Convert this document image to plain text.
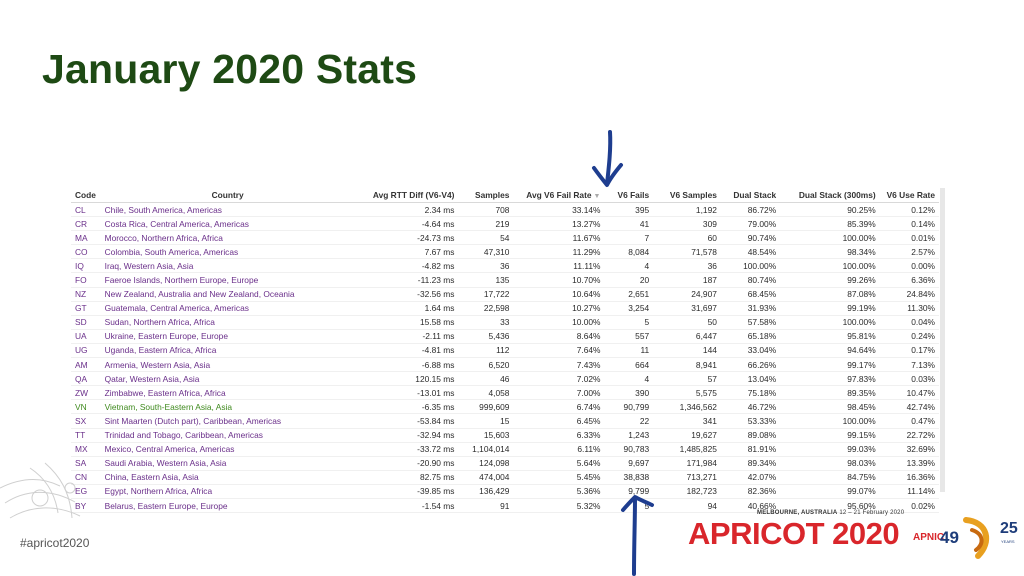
January 2020 Stats
Code	Country	Avg RTT Diff (V6-V4)	Samples	Avg V6 Fail Rate ▼	V6 Fails	V6 Samples	Dual Stack	Dual Stack (300ms)	V6 Use Rate
CL	Chile, South America, Americas	2.34 ms	708	33.14%	395	1,192	86.72%	90.25%	0.12%
CR	Costa Rica, Central America, Americas	-4.64 ms	219	13.27%	41	309	79.00%	85.39%	0.14%
MA	Morocco, Northern Africa, Africa	-24.73 ms	54	11.67%	7	60	90.74%	100.00%	0.01%
CO	Colombia, South America, Americas	7.67 ms	47,310	11.29%	8,084	71,578	48.54%	98.34%	2.57%
IQ	Iraq, Western Asia, Asia	-4.82 ms	36	11.11%	4	36	100.00%	100.00%	0.00%
FO	Faeroe Islands, Northern Europe, Europe	-11.23 ms	135	10.70%	20	187	80.74%	99.26%	6.36%
NZ	New Zealand, Australia and New Zealand, Oceania	-32.56 ms	17,722	10.64%	2,651	24,907	68.45%	87.08%	24.84%
GT	Guatemala, Central America, Americas	1.64 ms	22,598	10.27%	3,254	31,697	31.93%	99.19%	11.30%
SD	Sudan, Northern Africa, Africa	15.58 ms	33	10.00%	5	50	57.58%	100.00%	0.04%
UA	Ukraine, Eastern Europe, Europe	-2.11 ms	5,436	8.64%	557	6,447	65.18%	95.81%	0.24%
UG	Uganda, Eastern Africa, Africa	-4.81 ms	112	7.64%	11	144	33.04%	94.64%	0.17%
AM	Armenia, Western Asia, Asia	-6.88 ms	6,520	7.43%	664	8,941	66.26%	99.17%	7.13%
QA	Qatar, Western Asia, Asia	120.15 ms	46	7.02%	4	57	13.04%	97.83%	0.03%
ZW	Zimbabwe, Eastern Africa, Africa	-13.01 ms	4,058	7.00%	390	5,575	75.18%	89.35%	10.47%
VN	Vietnam, South-Eastern Asia, Asia	-6.35 ms	999,609	6.74%	90,799	1,346,562	46.72%	98.45%	42.74%
SX	Sint Maarten (Dutch part), Caribbean, Americas	-53.84 ms	15	6.45%	22	341	53.33%	100.00%	0.47%
TT	Trinidad and Tobago, Caribbean, Americas	-32.94 ms	15,603	6.33%	1,243	19,627	89.08%	99.15%	22.72%
MX	Mexico, Central America, Americas	-33.72 ms	1,104,014	6.11%	90,783	1,485,825	81.91%	99.03%	32.69%
SA	Saudi Arabia, Western Asia, Asia	-20.90 ms	124,098	5.64%	9,697	171,984	89.34%	98.03%	13.39%
CN	China, Eastern Asia, Asia	82.75 ms	474,004	5.45%	38,838	713,271	42.07%	84.75%	16.36%
EG	Egypt, Northern Africa, Africa	-39.85 ms	136,429	5.36%	9,799	182,723	82.36%	99.07%	11.14%
BY	Belarus, Eastern Europe, Europe	-1.54 ms	91	5.32%	5	94	40.66%	95.60%	0.02%
#apricot2020
MELBOURNE, AUSTRALIA 12 – 21 February 2020
APRICOT 2020 APNIC
49	25
YEARS
